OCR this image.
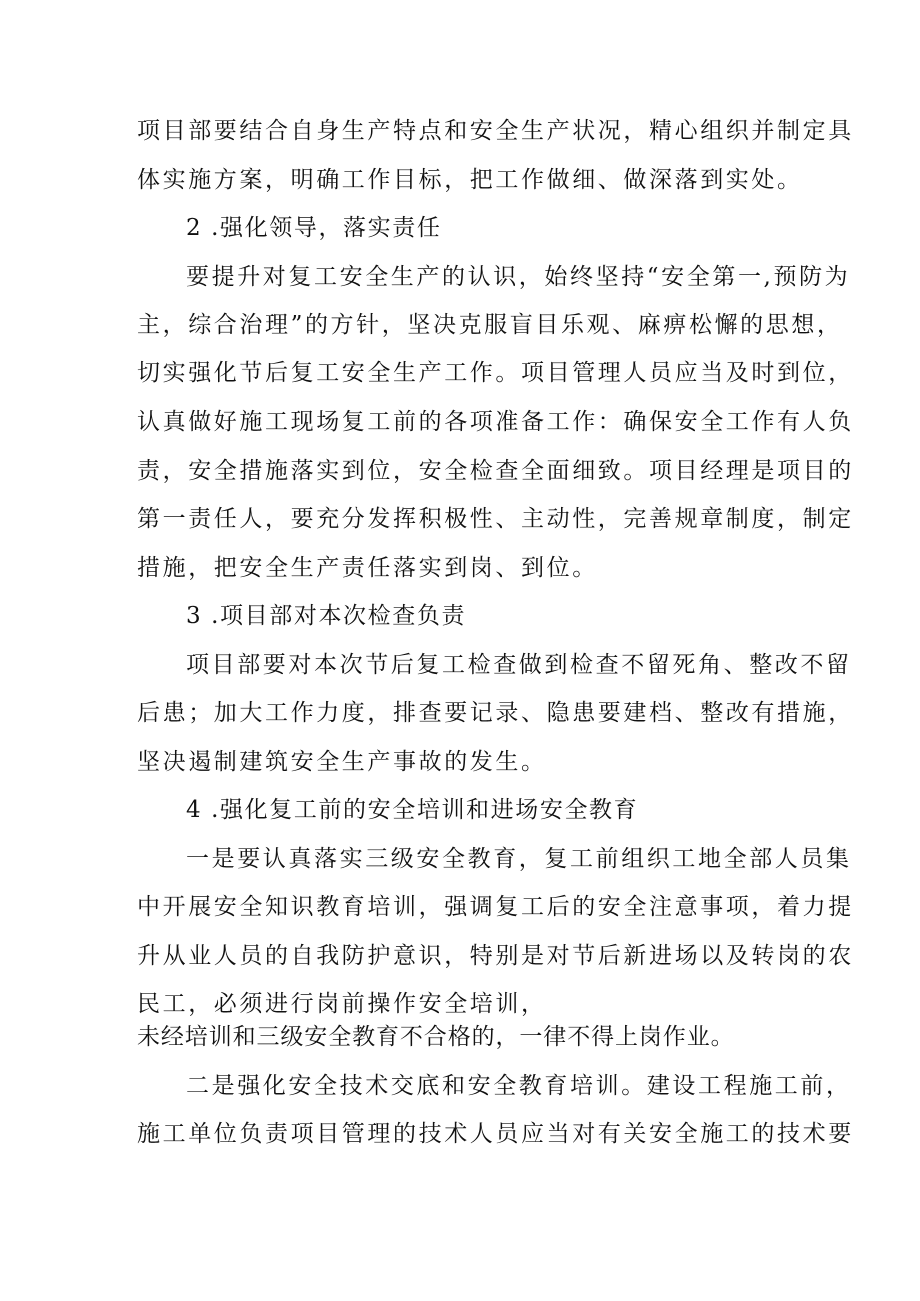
项目部要结合自身生产特点和安全生产状况，精心组织并制定具
体实施方案，明确工作目标，把工作做细、做深落到实处。
2 .强化领导，落实责任
要提升对复工安全生产的认识，始终坚持“安全第一,预防为
主，综合治理”的方针，坚决克服盲目乐观、麻痹松懈的思想，
切实强化节后复工安全生产工作。项目管理人员应当及时到位，
认真做好施工现场复工前的各项准备工作：确保安全工作有人负
责，安全措施落实到位，安全检查全面细致。项目经理是项目的
第一责任人，要充分发挥积极性、主动性，完善规章制度，制定
措施，把安全生产责任落实到岗、到位。
3 .项目部对本次检查负责
项目部要对本次节后复工检查做到检查不留死角、整改不留
后患；加大工作力度，排查要记录、隐患要建档、整改有措施，
坚决遏制建筑安全生产事故的发生。
4 .强化复工前的安全培训和进场安全教育
一是要认真落实三级安全教育，复工前组织工地全部人员集
中开展安全知识教育培训，强调复工后的安全注意事项，着力提
升从业人员的自我防护意识，特别是对节后新进场以及转岗的农
民工，必须进行岗前操作安全培训，
未经培训和三级安全教育不合格的，一律不得上岗作业。
二是强化安全技术交底和安全教育培训。建设工程施工前，
施工单位负责项目管理的技术人员应当对有关安全施工的技术要
